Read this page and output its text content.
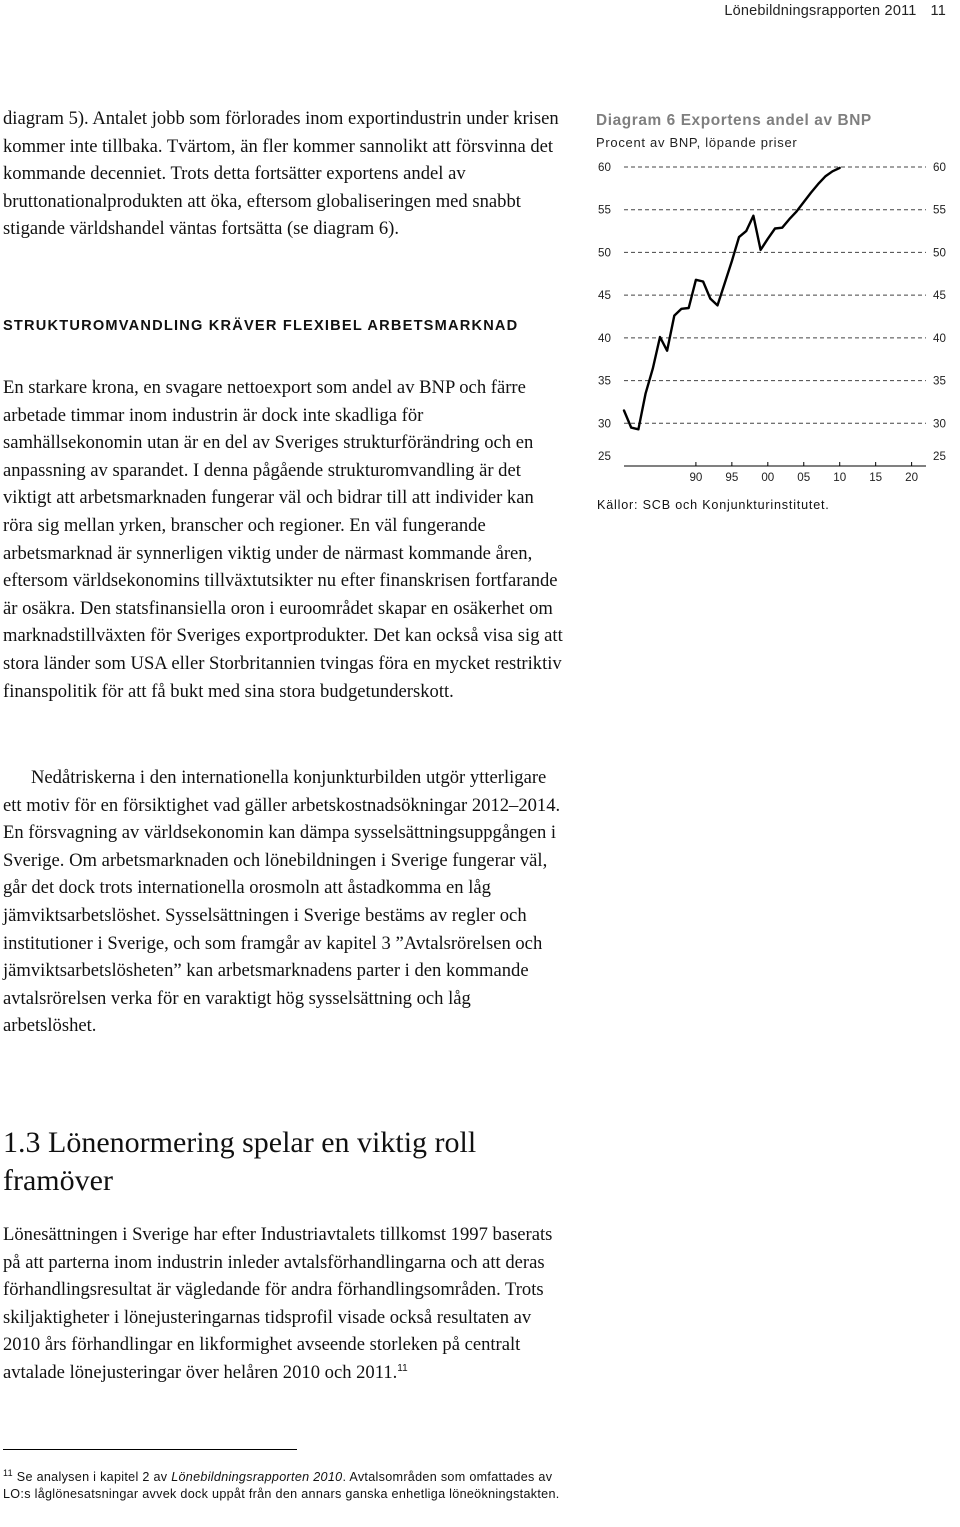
Lönebildningsrapporten 2011 11

diagram 5). Antalet jobb som förlorades inom exportindustrin under krisen kommer inte tillbaka. Tvärtom, än fler kommer sannolikt att försvinna det kommande decenniet. Trots detta fortsätter exportens andel av bruttonationalprodukten att öka, eftersom globaliseringen med snabbt stigande världshandel väntas fortsätta (se diagram 6).

STRUKTUROMVANDLING KRÄVER FLEXIBEL ARBETSMARKNAD

En starkare krona, en svagare nettoexport som andel av BNP och färre arbetade timmar inom industrin är dock inte skadliga för samhällsekonomin utan är en del av Sveriges strukturförändring och en anpassning av sparandet. I denna pågående strukturomvandling är det viktigt att arbetsmarknaden fungerar väl och bidrar till att individer kan röra sig mellan yrken, branscher och regioner. En väl fungerande arbetsmarknad är synnerligen viktig under de närmast kommande åren, eftersom världsekonomins tillväxtutsikter nu efter finanskrisen fortfarande är osäkra. Den statsfinansiella oron i euroområdet skapar en osäkerhet om marknadstillväxten för Sveriges exportprodukter. Det kan också visa sig att stora länder som USA eller Storbritannien tvingas föra en mycket restriktiv finanspolitik för att få bukt med sina stora budgetunderskott.

Nedåtriskerna i den internationella konjunkturbilden utgör ytterligare ett motiv för en försiktighet vad gäller arbetskostnadsökningar 2012–2014. En försvagning av världsekonomin kan dämpa sysselsättningsuppgången i Sverige. Om arbetsmarknaden och lönebildningen i Sverige fungerar väl, går det dock trots internationella orosmoln att åstadkomma en låg jämviktsarbetslöshet. Sysselsättningen i Sverige bestäms av regler och institutioner i Sverige, och som framgår av kapitel 3 ”Avtalsrörelsen och jämviktsarbetslösheten” kan arbetsmarknadens parter i den kommande avtalsrörelsen verka för en varaktigt hög sysselsättning och låg arbetslöshet.

1.3 Lönenormering spelar en viktig roll framöver

Lönesättningen i Sverige har efter Industriavtalets tillkomst 1997 baserats på att parterna inom industrin inleder avtalsförhandlingarna och att deras förhandlingsresultat är vägledande för andra förhandlingsområden. Trots skiljaktigheter i lönejusteringarnas tidsprofil visade också resultaten av 2010 års förhandlingar en likformighet avseende storleken på centralt avtalade lönejusteringar över helåren 2010 och 2011.11

$^{11}$ Se analysen i kapitel 2 av Lönebildningsrapporten 2010. Avtalsområden som omfattades av LO:s låglönesatsningar avvek dock uppåt från den annars ganska enhetliga löneökningstakten.
25	25
30	30
35	35
40	40
45	45
50	50
55	55
60	60
90 95 00 05 10 15 20
Diagram 6 Exportens andel av BNP
Procent av BNP, löpande priser
Källor: SCB och Konjunkturinstitutet.
